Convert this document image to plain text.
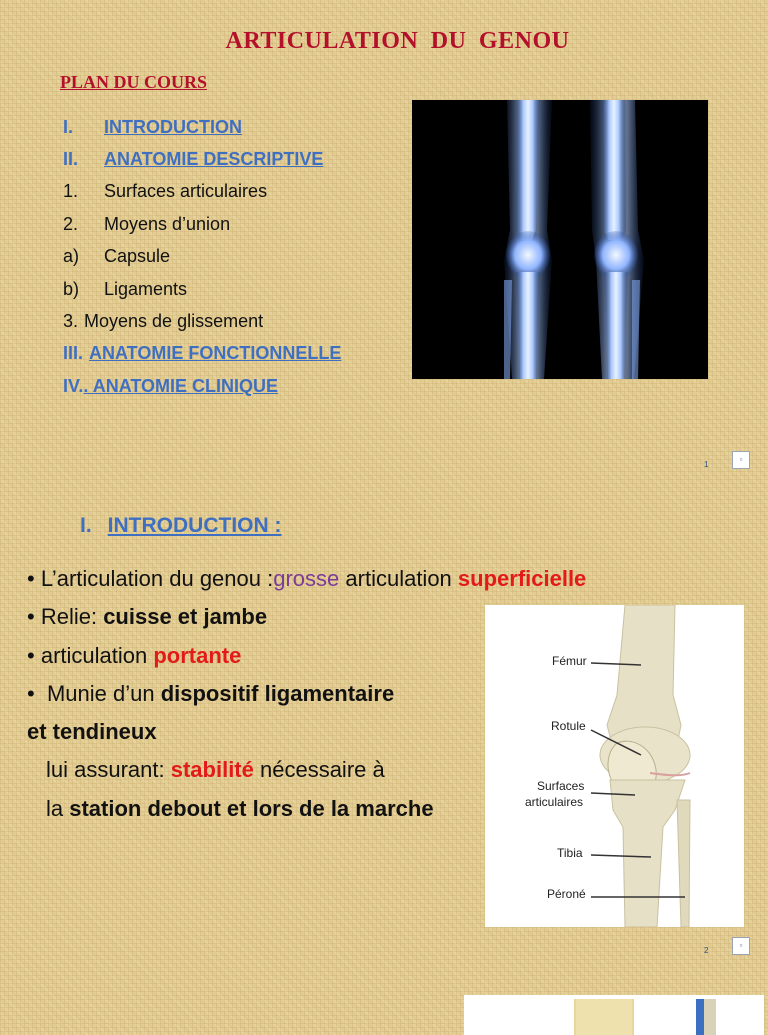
ARTICULATION DU GENOU
PLAN DU COURS
I.	INTRODUCTION
II.	ANATOMIE DESCRIPTIVE
1.	Surfaces articulaires
2.	Moyens d’union
a)	Capsule
b)	Ligaments
3. Moyens de glissement
III. ANATOMIE FONCTIONNELLE
IV. . ANATOMIE CLINIQUE
1
▫
I. INTRODUCTION :
• L’articulation du genou :grosse articulation superficielle
• Relie: cuisse et jambe
• articulation portante
•  Munie d’un dispositif ligamentaire
et tendineux
lui assurant: stabilité nécessaire à
la station debout et lors de la marche
Fémur
Rotule
Surfaces
articulaires
Tibia
Péroné
2
▫
